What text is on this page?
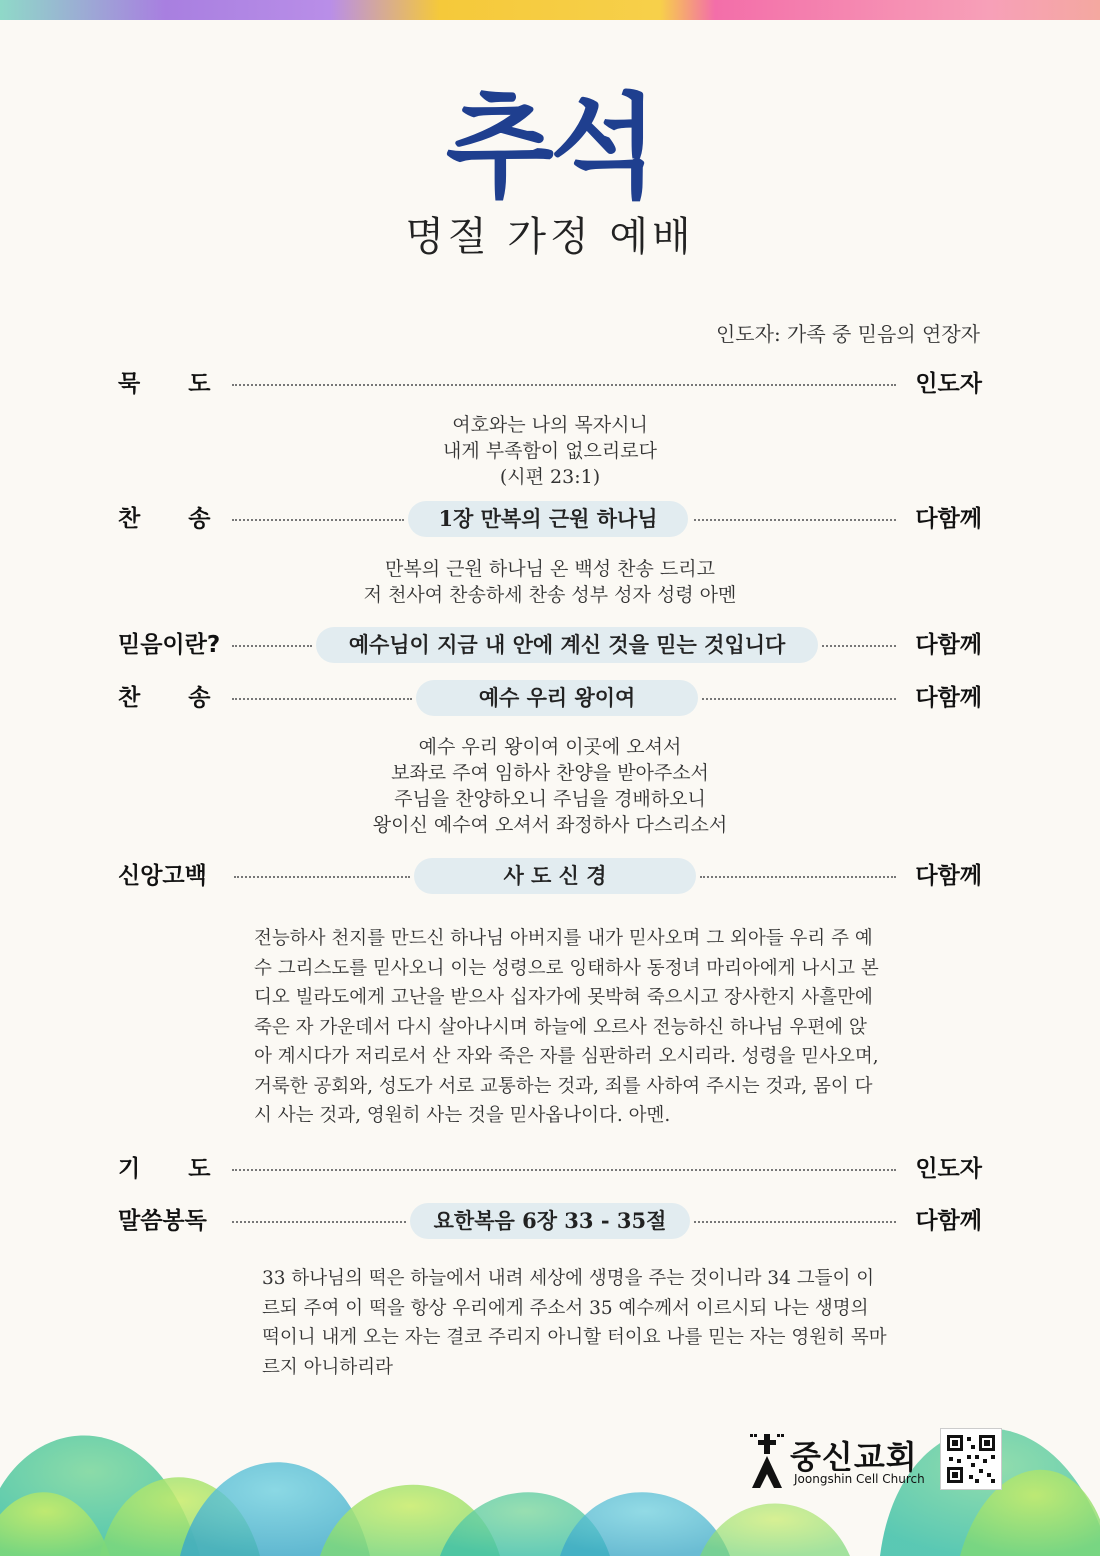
추석
명절 가정 예배
인도자: 가족 중 믿음의 연장자
묵      도	인도자
여호와는 나의 목자시니
내게 부족함이 없으리로다
(시편 23:1)
찬      송	1장 만복의 근원 하나님	다함께
만복의 근원 하나님 온 백성 찬송 드리고
저 천사여 찬송하세 찬송 성부 성자 성령 아멘
믿음이란?	예수님이 지금 내 안에 계신 것을 믿는 것입니다	다함께
찬      송	예수 우리 왕이여	다함께
예수 우리 왕이여 이곳에 오셔서
보좌로 주여 임하사 찬양을 받아주소서
주님을 찬양하오니 주님을 경배하오니
왕이신 예수여 오셔서 좌정하사 다스리소서
신앙고백	사 도 신 경	다함께
전능하사 천지를 만드신 하나님 아버지를 내가 믿사오며 그 외아들 우리 주 예수 그리스도를 믿사오니 이는 성령으로 잉태하사 동정녀 마리아에게 나시고 본디오 빌라도에게 고난을 받으사 십자가에 못박혀 죽으시고 장사한지 사흘만에 죽은 자 가운데서 다시 살아나시며 하늘에 오르사 전능하신 하나님 우편에 앉아 계시다가 저리로서 산 자와 죽은 자를 심판하러 오시리라. 성령을 믿사오며, 거룩한 공회와, 성도가 서로 교통하는 것과, 죄를 사하여 주시는 것과, 몸이 다시 사는 것과, 영원히 사는 것을 믿사옵나이다. 아멘.
기      도	인도자
말씀봉독	요한복음 6장 33 - 35절	다함께
33 하나님의 떡은 하늘에서 내려 세상에 생명을 주는 것이니라 34 그들이 이르되 주여 이 떡을 항상 우리에게 주소서 35 예수께서 이르시되 나는 생명의 떡이니 내게 오는 자는 결코 주리지 아니할 터이요 나를 믿는 자는 영원히 목마르지 아니하리라
중신교회
Joongshin Cell Church
